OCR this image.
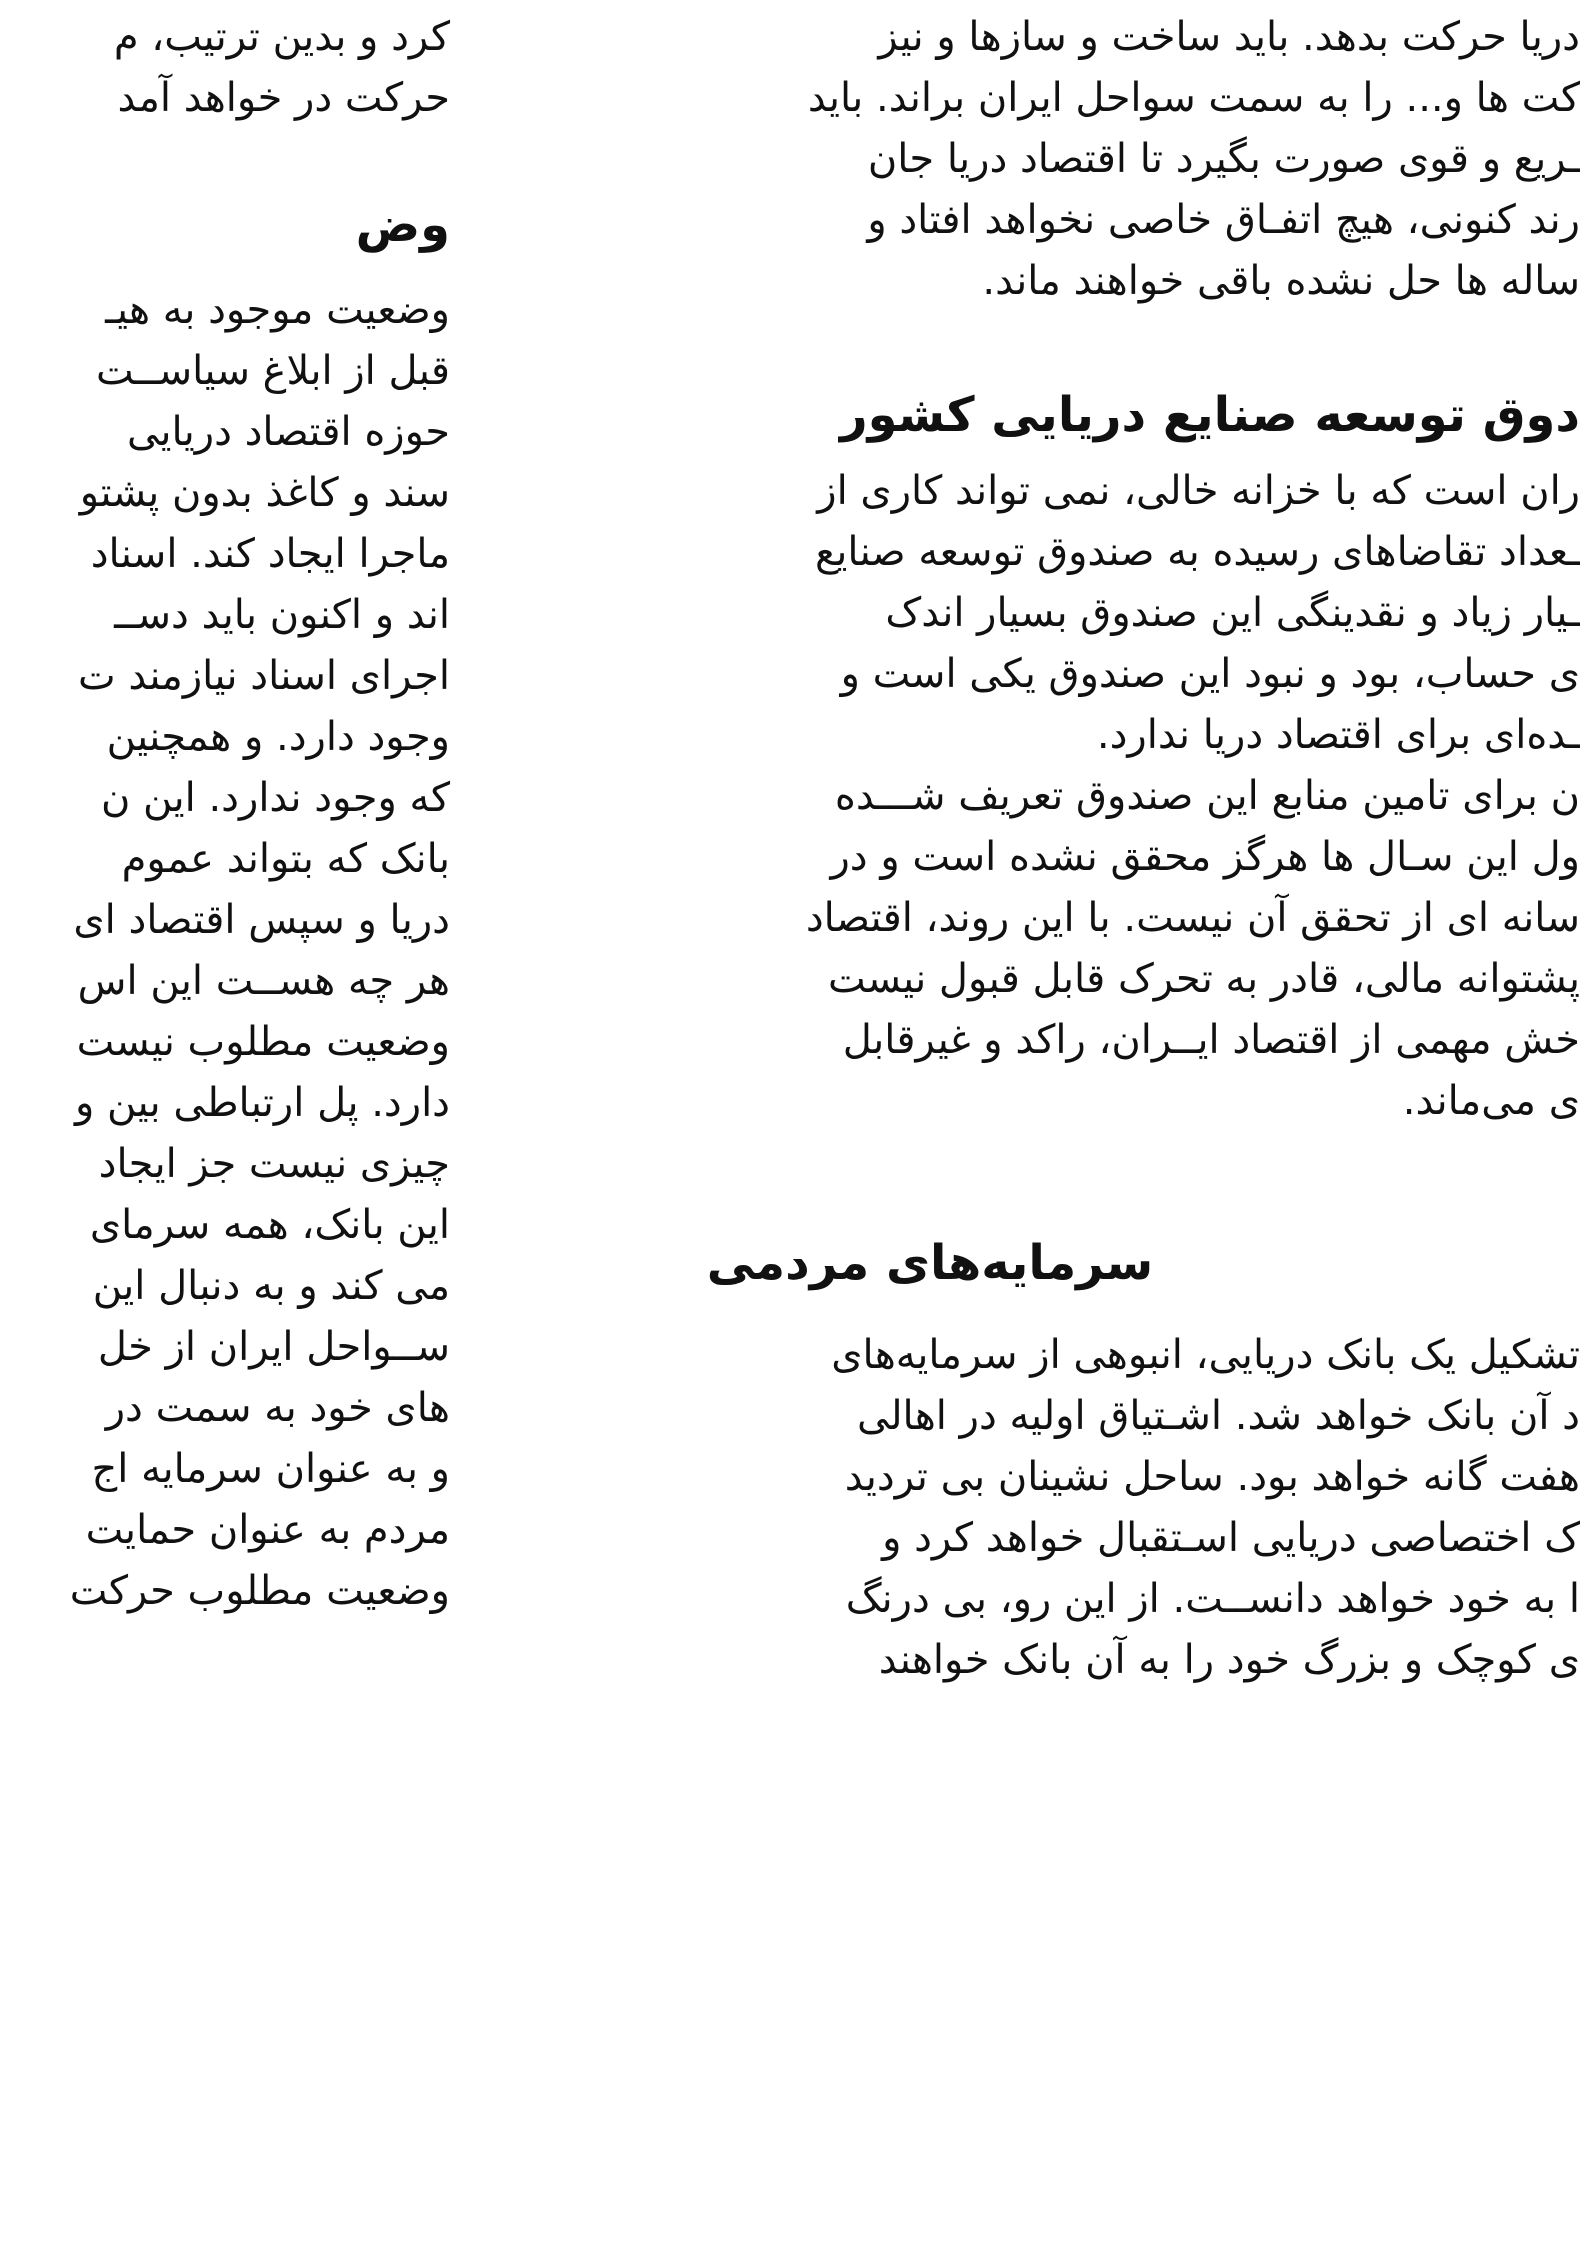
دریا حرکت بدهد. باید ساخت و سازها و نیز
کت ها و... را به سمت سواحل ایران براند. باید
ـریع و قوی صورت بگیرد تا اقتصاد دریا جان
رند کنونی، هیچ اتفـاق خاصی نخواهد افتاد و
ساله ها حل نشده باقی خواهند ماند.
دوق توسعه صنایع دریایی کشور
ران است که با خزانه خالی، نمی تواند کاری از
ـعداد تقاضاهای رسیده به صندوق توسعه صنایع
ـیار زیاد و نقدینگی این صندوق بسیار اندک
ی حساب، بود و نبود این صندوق یکی است و
ـده‌ای برای اقتصاد دریا ندارد.
ن برای تامین منابع این صندوق تعریف شـــده
ول این سـال ها هرگز محقق نشده است و در
سانه ای از تحقق آن نیست. با این روند، اقتصاد
پشتوانه مالی، قادر به تحرک قابل قبول نیست
خش مهمی از اقتصاد ایــران، راکد و غیرقابل
ی می‌ماند.
سرمایه‌های مردمی
تشکیل یک بانک دریایی، انبوهی از سرمایه‌های
د آن بانک خواهد شد. اشـتیاق اولیه در اهالی
هفت گانه خواهد بود. ساحل نشینان بی تردید
ک اختصاصی دریایی اسـتقبال خواهد کرد و
ا به خود خواهد دانســت. از این رو، بی درنگ
ی کوچک و بزرگ خود را به آن بانک خواهند
کرد و بدین ترتیب، م
حرکت در خواهد آمد
وض
وضعیت موجود به هیـ
قبل از ابلاغ سیاســت
حوزه اقتصاد دریایی
سند و کاغذ بدون پشتو
ماجرا ایجاد کند. اسناد
اند و اکنون باید دســ
اجرای اسناد نیازمند ت
وجود دارد. و همچنین
که وجود ندارد. این ن
بانک که بتواند عموم
دریا و سپس اقتصاد ای
هر چه هســت این اس
وضعیت مطلوب نیست
دارد. پل ارتباطی بین و
چیزی نیست جز ایجاد
این بانک، همه سرمای
می کند و به دنبال این
ســواحل ایران از خل
های خود به سمت در
و به عنوان سرمایه اج
مردم به عنوان حمایت
وضعیت مطلوب حرکت
